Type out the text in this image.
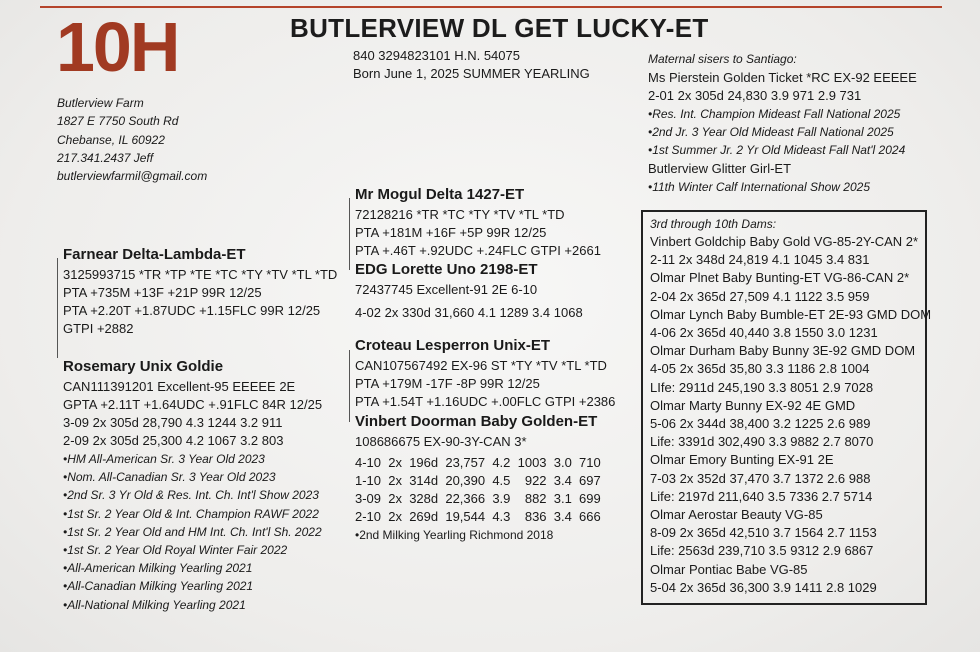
10H	BUTLERVIEW DL GET LUCKY-ET
840 3294823101 H.N. 54075
Born June 1, 2025 SUMMER YEARLING
Butlerview Farm
1827 E 7750 South Rd
Chebanse, IL 60922
217.341.2437 Jeff
butlerviewfarmil@gmail.com
Farnear Delta-Lambda-ET
3125993715 *TR *TP *TE *TC *TY *TV *TL *TD
PTA +735M +13F +21P 99R 12/25
PTA +2.20T +1.87UDC +1.15FLC 99R 12/25
GTPI +2882
Rosemary Unix Goldie
CAN111391201 Excellent-95 EEEEE 2E
GPTA +2.11T +1.64UDC +.91FLC 84R 12/25
3-09 2x 305d 28,790 4.3 1244 3.2 911
2-09 2x 305d 25,300 4.2 1067 3.2 803
•HM All-American Sr. 3 Year Old 2023
•Nom. All-Canadian Sr. 3 Year Old 2023
•2nd Sr. 3 Yr Old & Res. Int. Ch. Int'l Show 2023
•1st Sr. 2 Year Old & Int. Champion RAWF 2022
•1st Sr. 2 Year Old and HM Int. Ch. Int'l Sh. 2022
•1st Sr. 2 Year Old Royal Winter Fair 2022
•All-American Milking Yearling 2021
•All-Canadian Milking Yearling 2021
•All-National Milking Yearling 2021
Mr Mogul Delta 1427-ET
72128216 *TR *TC *TY *TV *TL *TD
PTA +181M +16F +5P 99R 12/25
PTA +.46T +.92UDC +.24FLC GTPI +2661
EDG Lorette Uno 2198-ET
72437745 Excellent-91 2E 6-10
4-02 2x 330d 31,660 4.1 1289 3.4 1068
Croteau Lesperron Unix-ET
CAN107567492 EX-96 ST *TY *TV *TL *TD
PTA +179M -17F -8P 99R 12/25
PTA +1.54T +1.16UDC +.00FLC GTPI +2386
Vinbert Doorman Baby Golden-ET
108686675 EX-90-3Y-CAN 3*
4-10  2x  196d  23,757  4.2  1003  3.0  710
1-10  2x  314d  20,390  4.5    922  3.4  697
3-09  2x  328d  22,366  3.9    882  3.1  699
2-10  2x  269d  19,544  4.3    836  3.4  666
•2nd Milking Yearling Richmond 2018
Maternal sisers to Santiago:
Ms Pierstein Golden Ticket *RC EX-92 EEEEE
2-01 2x 305d 24,830 3.9 971 2.9 731
•Res. Int. Champion Mideast Fall National 2025
•2nd Jr. 3 Year Old Mideast Fall National 2025
•1st Summer Jr. 2 Yr Old Mideast Fall Nat'l 2024
Butlerview Glitter Girl-ET
•11th Winter Calf International Show 2025
3rd through 10th Dams:
Vinbert Goldchip Baby Gold VG-85-2Y-CAN 2*
2-11 2x 348d 24,819 4.1 1045 3.4 831
Olmar Plnet Baby Bunting-ET VG-86-CAN 2*
2-04 2x 365d 27,509 4.1 1122 3.5 959
Olmar Lynch Baby Bumble-ET 2E-93 GMD DOM
4-06 2x 365d 40,440 3.8 1550 3.0 1231
Olmar Durham Baby Bunny 3E-92 GMD DOM
4-05 2x 365d 35,80 3.3 1186 2.8 1004
LIfe: 2911d 245,190 3.3 8051 2.9 7028
Olmar Marty Bunny EX-92 4E GMD
5-06 2x 344d 38,400 3.2 1225 2.6 989
Life: 3391d 302,490 3.3 9882 2.7 8070
Olmar Emory Bunting EX-91 2E
7-03 2x 352d 37,470 3.7 1372 2.6 988
Life: 2197d 211,640 3.5 7336 2.7 5714
Olmar Aerostar Beauty VG-85
8-09 2x 365d 42,510 3.7 1564 2.7 1153
Life: 2563d 239,710 3.5 9312 2.9 6867
Olmar Pontiac Babe VG-85
5-04 2x 365d 36,300 3.9 1411 2.8 1029
